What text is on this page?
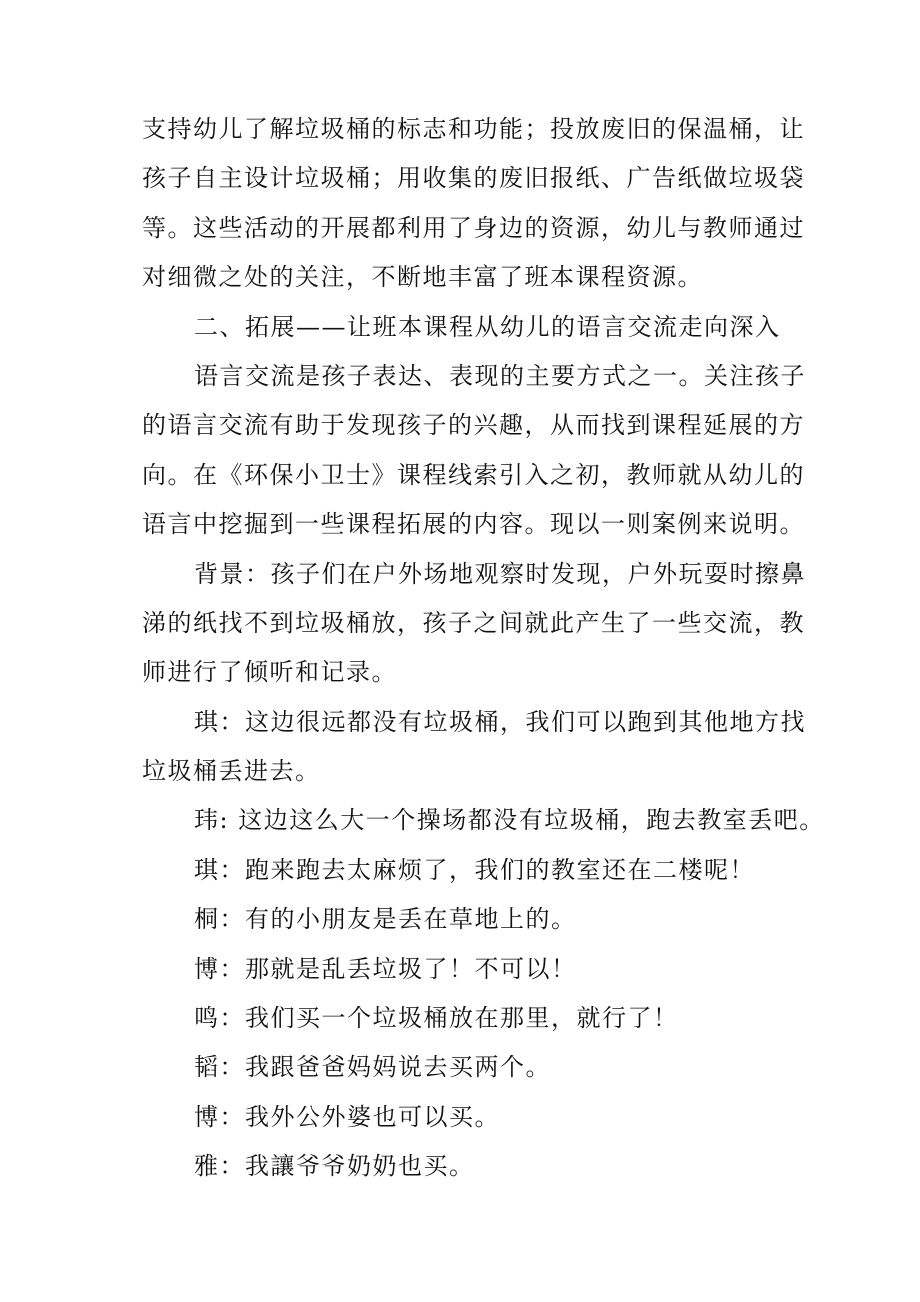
支持幼儿了解垃圾桶的标志和功能；投放废旧的保温桶，让

孩子自主设计垃圾桶；用收集的废旧报纸、广告纸做垃圾袋

等。这些活动的开展都利用了身边的资源，幼儿与教师通过

对细微之处的关注，不断地丰富了班本课程资源。

二、拓展——让班本课程从幼儿的语言交流走向深入

语言交流是孩子表达、表现的主要方式之一。关注孩子

的语言交流有助于发现孩子的兴趣，从而找到课程延展的方

向。在《环保小卫士》课程线索引入之初，教师就从幼儿的

语言中挖掘到一些课程拓展的内容。现以一则案例来说明。

背景：孩子们在户外场地观察时发现，户外玩耍时擦鼻

涕的纸找不到垃圾桶放，孩子之间就此产生了一些交流，教

师进行了倾听和记录。

琪：这边很远都没有垃圾桶，我们可以跑到其他地方找

垃圾桶丢进去。

玮: 这边这么大一个操场都没有垃圾桶，跑去教室丢吧。

琪：跑来跑去太麻烦了，我们的教室还在二楼呢！

桐：有的小朋友是丢在草地上的。

博：那就是乱丢垃圾了！不可以！

鸣：我们买一个垃圾桶放在那里，就行了！

韬：我跟爸爸妈妈说去买两个。

博：我外公外婆也可以买。

雅：我讓爷爷奶奶也买。
